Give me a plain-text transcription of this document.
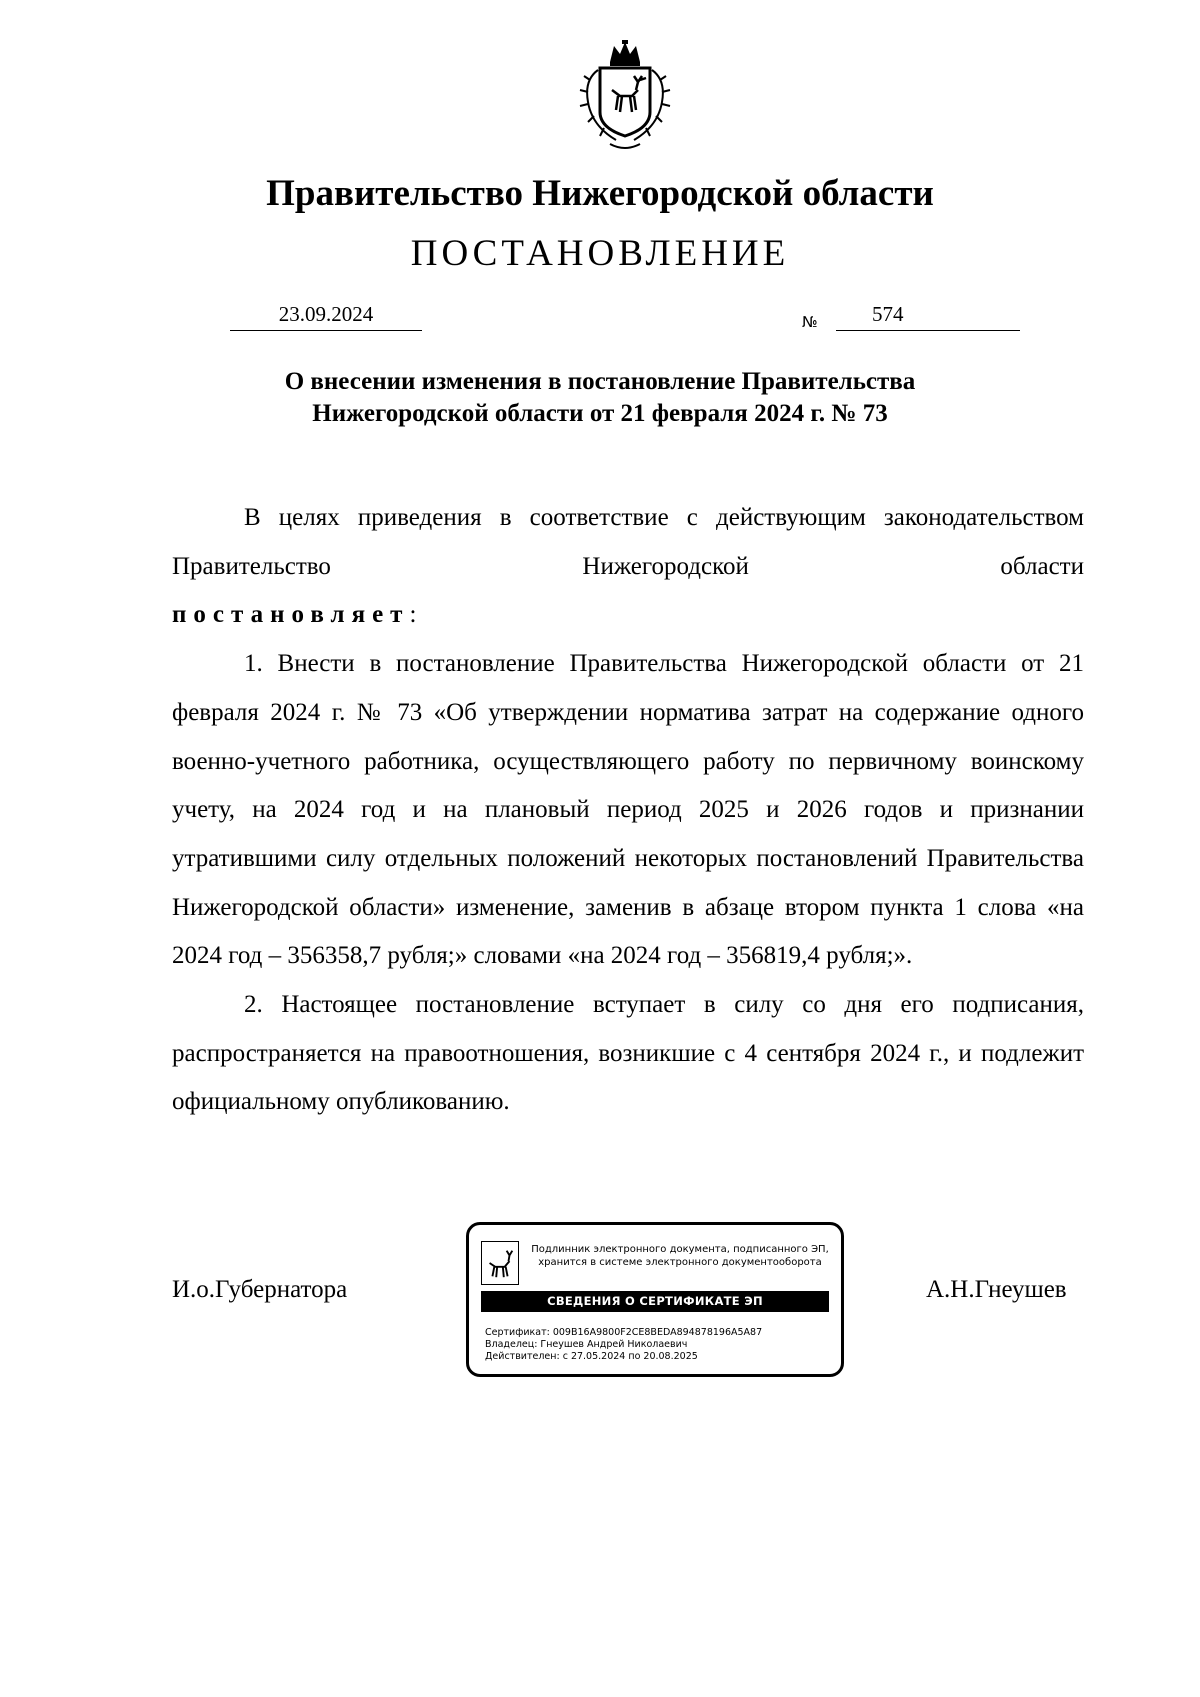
Правительство Нижегородской области
ПОСТАНОВЛЕНИЕ
23.09.2024	№	574
О внесении изменения в постановление Правительства
Нижегородской области от 21 февраля 2024 г. № 73

В целях приведения в соответствие с действующим законодательством Правительство Нижегородской области

постановляет:

1. Внести в постановление Правительства Нижегородской области от 21 февраля 2024 г. № 73 «Об утверждении норматива затрат на содержание одного военно-учетного работника, осуществляющего работу по первичному воинскому учету, на 2024 год и на плановый период 2025 и 2026 годов и признании утратившими силу отдельных положений некоторых постановлений Правительства Нижегородской области» изменение, заменив в абзаце втором пункта 1 слова «на 2024 год – 356358,7 рубля;» словами «на 2024 год – 356819,4 рубля;».

2. Настоящее постановление вступает в силу со дня его подписания, распространяется на правоотношения, возникшие с 4 сентября 2024 г., и подлежит официальному опубликованию.

И.о.Губернатора
Подлинник электронного документа, подписанного ЭП,
хранится в системе электронного документооборота
СВЕДЕНИЯ О СЕРТИФИКАТЕ ЭП
Сертификат: 009B16A9800F2CE8BEDA894878196A5A87
Владелец: Гнеушев Андрей Николаевич
Действителен: с 27.05.2024 по 20.08.2025
А.Н.Гнеушев
